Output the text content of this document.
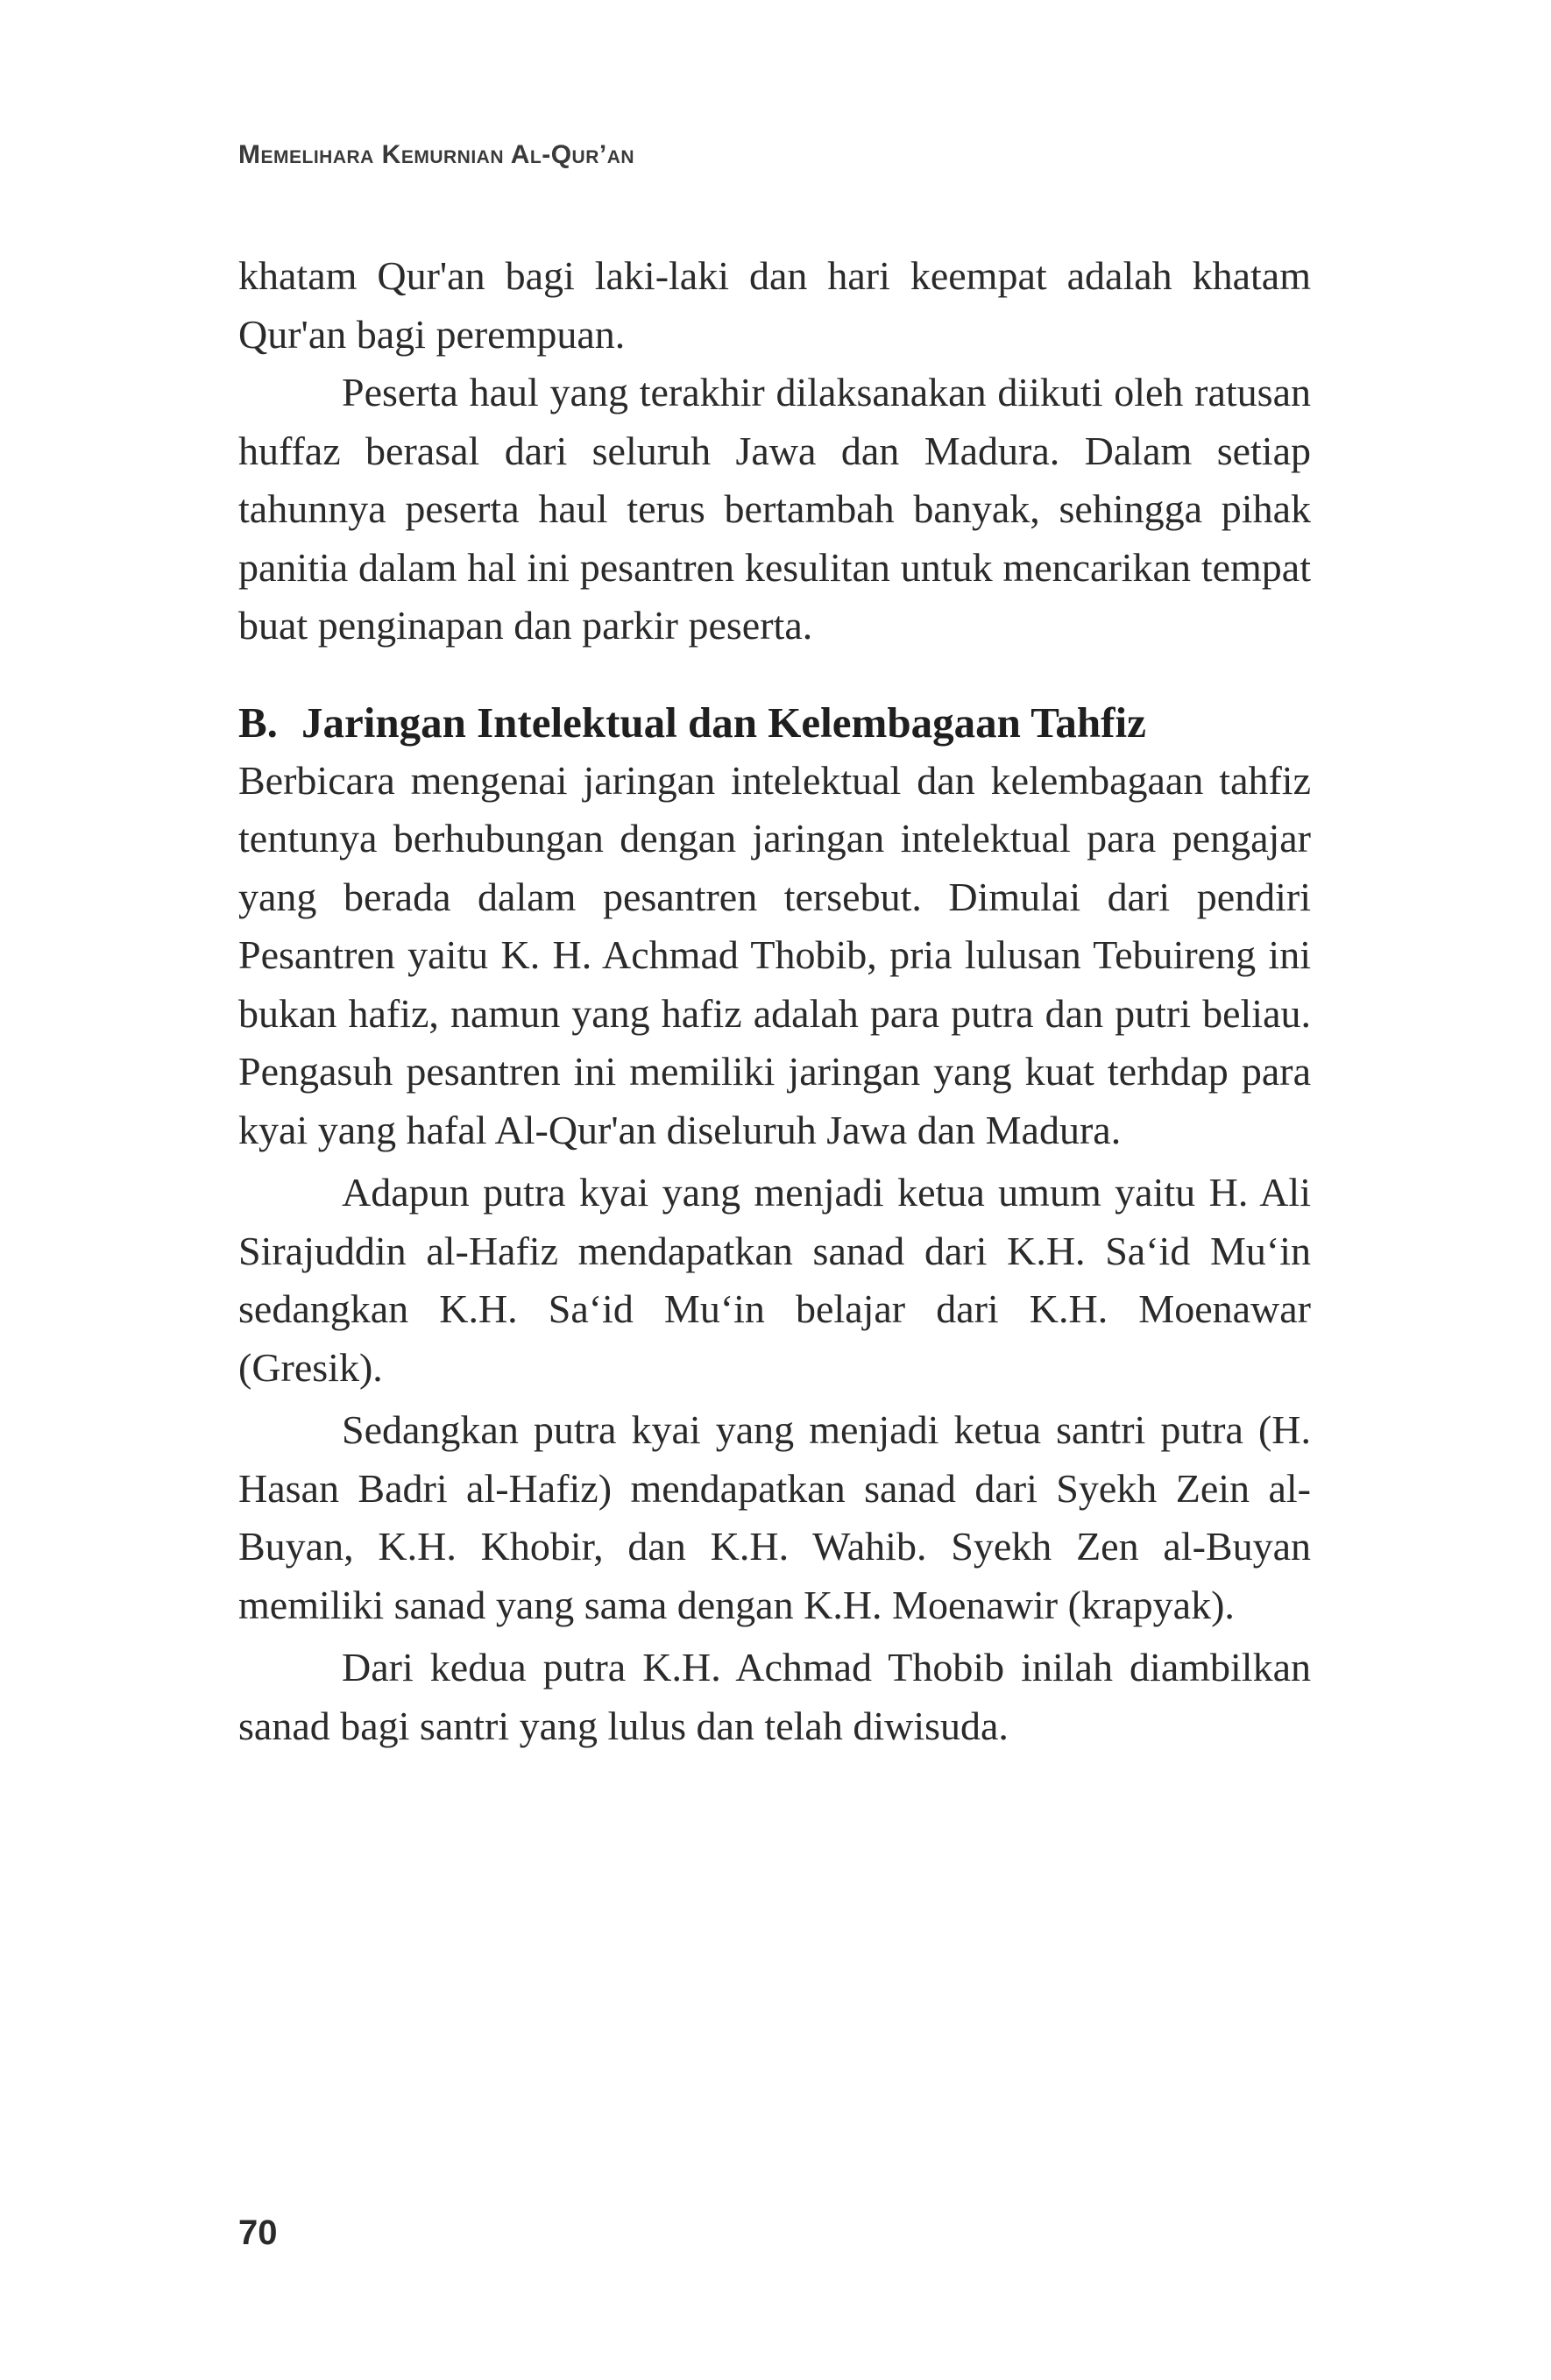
Memelihara Kemurnian Al-Qur’an

khatam Qur'an bagi laki-laki dan hari keempat adalah khatam Qur'an bagi perempuan.

Peserta haul yang terakhir dilaksanakan diikuti oleh ratusan huffaz berasal dari seluruh Jawa dan Madura. Dalam setiap tahunnya peserta haul terus bertambah banyak, sehingga pihak panitia dalam hal ini pesantren kesulitan untuk mencarikan tempat buat penginapan dan parkir peserta.

B. Jaringan Intelektual dan Kelembagaan Tahfiz

Berbicara mengenai jaringan intelektual dan kelembagaan tahfiz tentunya berhubungan dengan jaringan intelektual para pengajar yang berada dalam pesantren tersebut. Dimulai dari pendiri Pesantren yaitu K. H. Achmad Thobib, pria lulusan Tebuireng ini bukan hafiz, namun yang hafiz adalah para putra dan putri beliau. Pengasuh pesantren ini memiliki jaringan yang kuat terhdap para kyai yang hafal Al-Qur'an diseluruh Jawa dan Madura.

Adapun putra kyai yang menjadi ketua umum yaitu H. Ali Sirajuddin al-Hafiz mendapatkan sanad dari K.H. Sa‘id Mu‘in sedangkan K.H. Sa‘id Mu‘in belajar dari K.H. Moenawar (Gresik).

Sedangkan putra kyai yang menjadi ketua santri putra (H. Hasan Badri al-Hafiz) mendapatkan sanad dari Syekh Zein al-Buyan, K.H. Khobir, dan K.H. Wahib. Syekh Zen al-Buyan memiliki sanad yang sama dengan K.H. Moenawir (krapyak).

Dari kedua putra K.H. Achmad Thobib inilah diambilkan sanad bagi santri yang lulus dan telah diwisuda.

70
